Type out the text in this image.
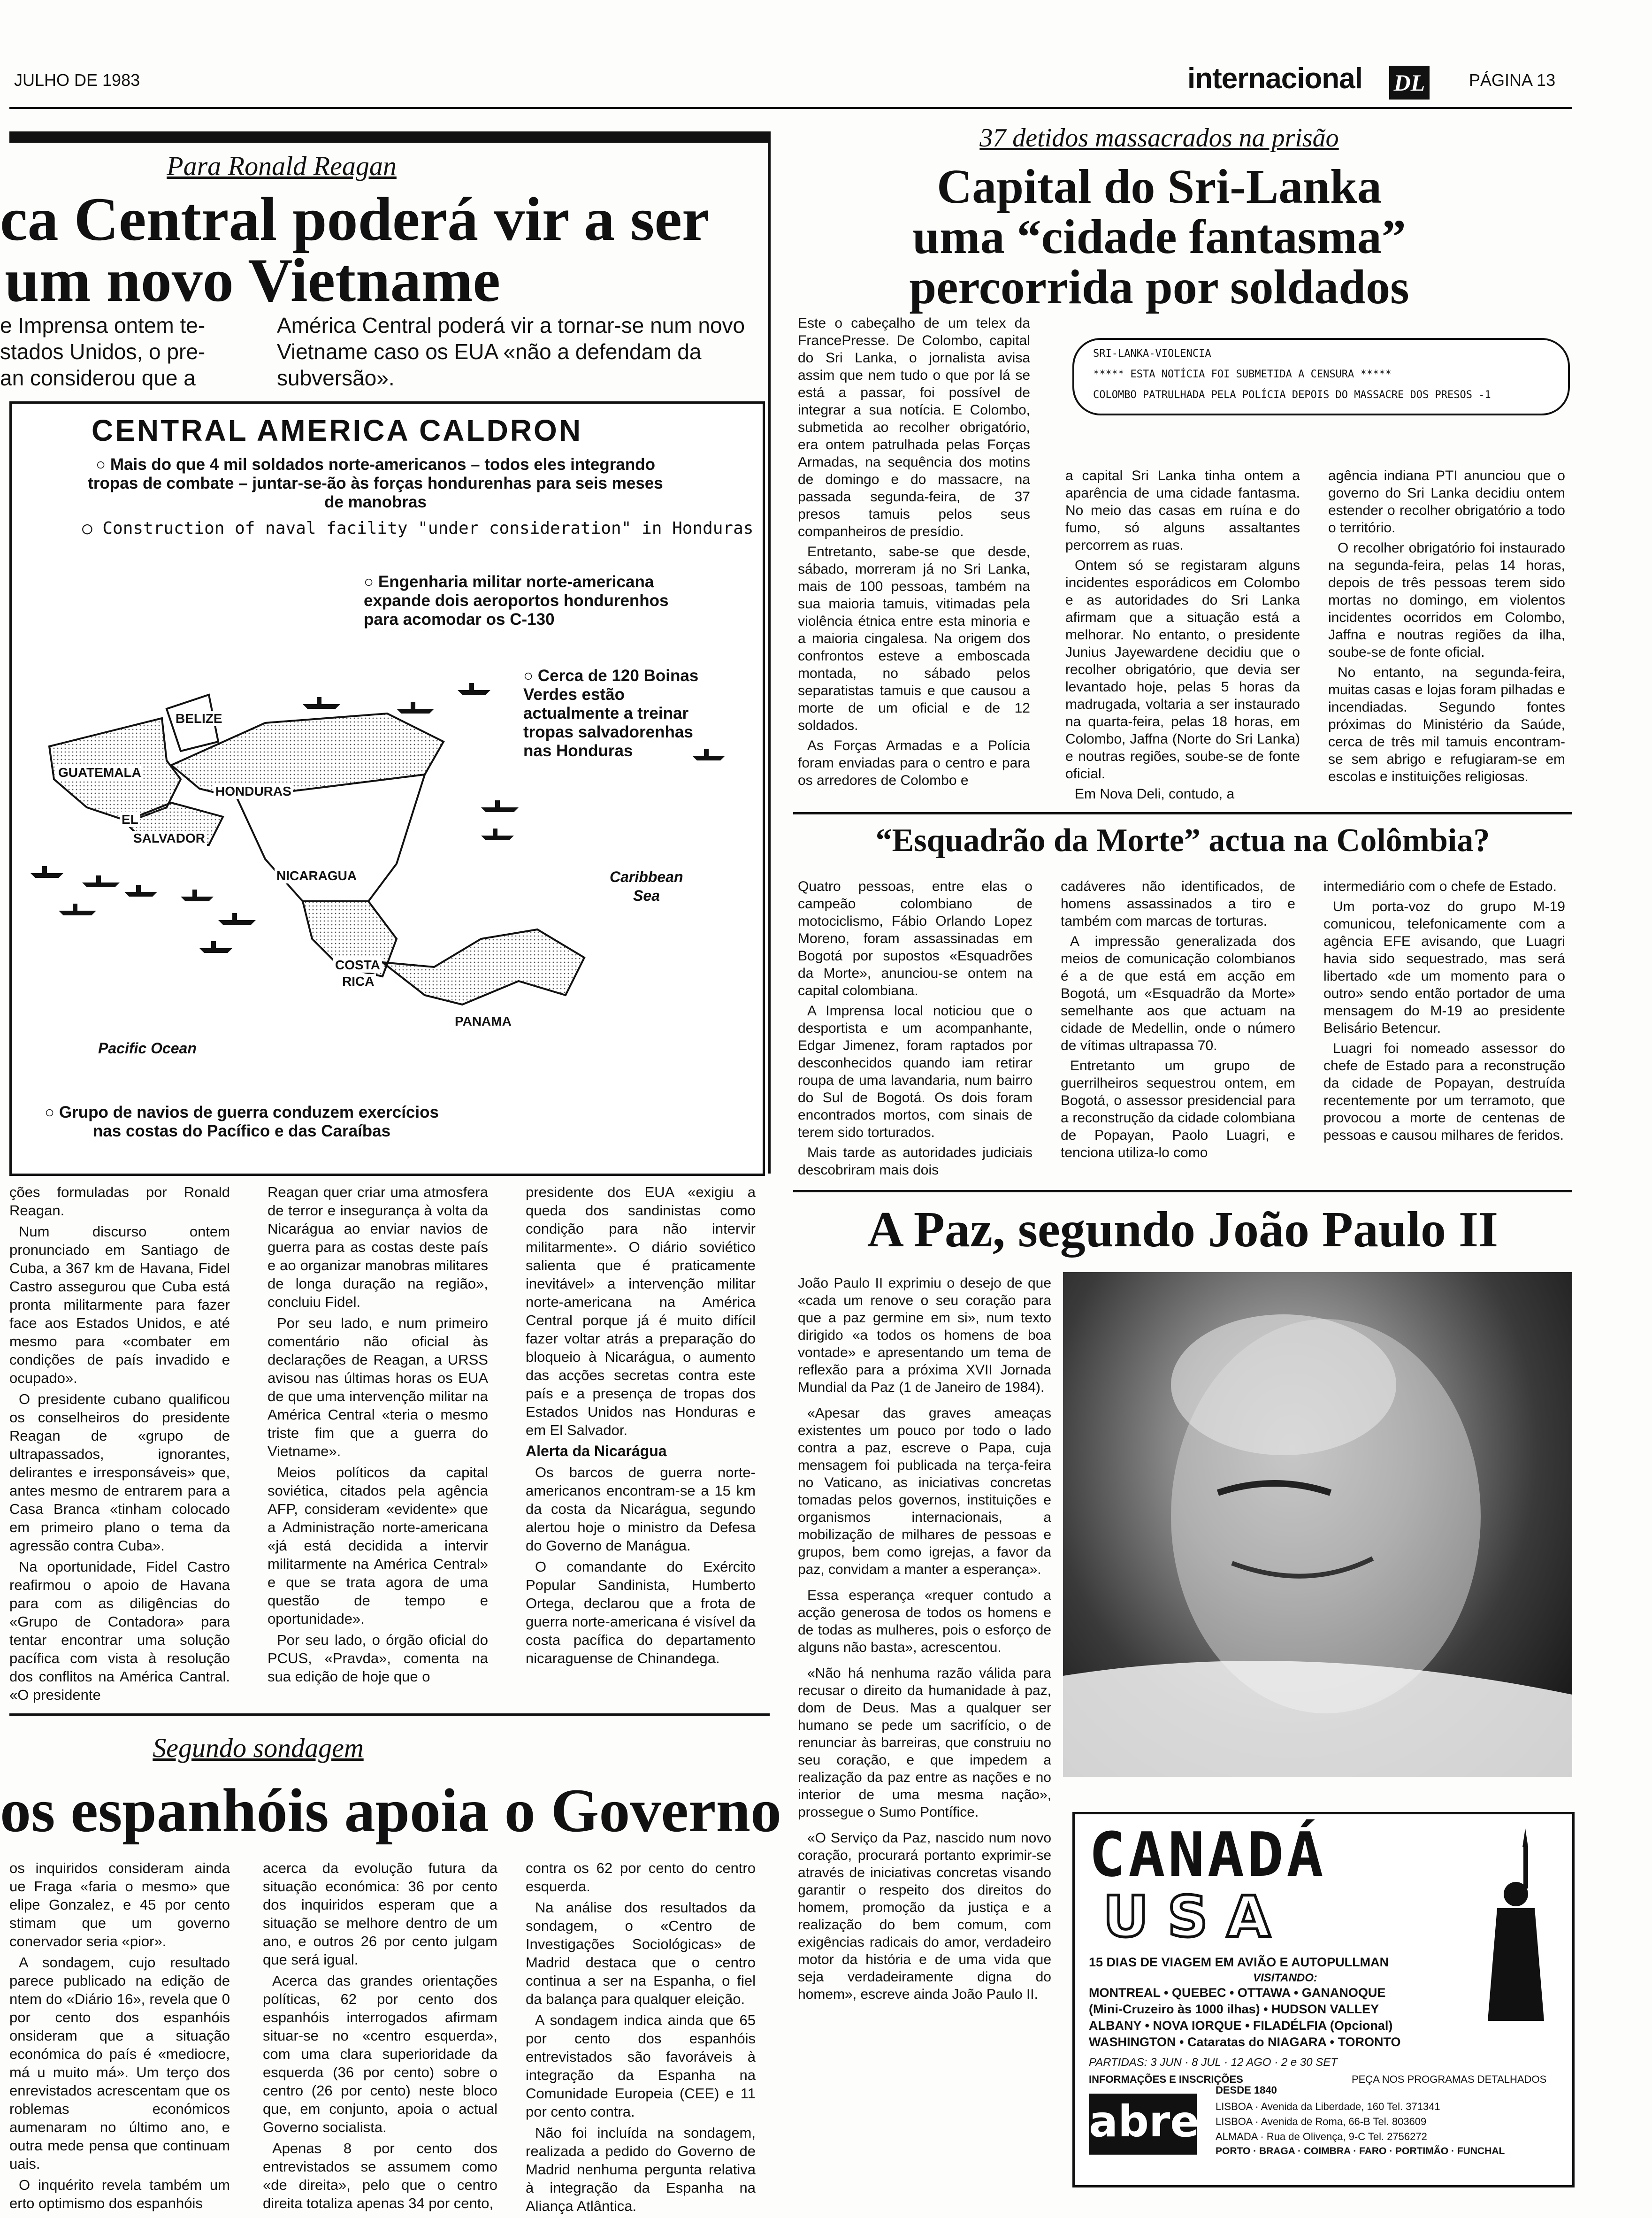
JULHO DE 1983	internacional DL	PÁGINA 13
Para Ronald Reagan
ca Central poderá vir a ser
um novo Vietname
e Imprensa ontem te-
stados Unidos, o pre-
an considerou que a
América Central poderá vir a tornar-se num novo Vietname caso os EUA «não a defendam da subversão».
CENTRAL AMERICA CALDRON
○ Mais do que 4 mil soldados norte-americanos – todos eles integrando tropas de combate – juntar-se-ão às forças hondurenhas para seis meses de manobras
○ Construction of naval facility "under consideration" in Honduras
○ Engenharia militar norte-americana expande dois aeroportos hondurenhos para acomodar os C-130
○ Cerca de 120 Boinas Verdes estão actualmente a treinar tropas salvadorenhas nas Honduras
BELIZE
GUATEMALA
HONDURAS
EL
SALVADOR
NICARAGUA
COSTA
RICA
PANAMA
Caribbean
Sea
Pacific Ocean
○ Grupo de navios de guerra conduzem exercícios nas costas do Pacífico e das Caraíbas

ções formuladas por Ronald Reagan.

Num discurso ontem pronunciado em Santiago de Cuba, a 367 km de Havana, Fidel Castro assegurou que Cuba está pronta militarmente para fazer face aos Estados Unidos, e até mesmo para «combater em condições de país invadido e ocupado».

O presidente cubano qualificou os conselheiros do presidente Reagan de «grupo de ultrapassados, ignorantes, delirantes e irresponsáveis» que, antes mesmo de entrarem para a Casa Branca «tinham colocado em primeiro plano o tema da agressão contra Cuba».

Na oportunidade, Fidel Castro reafirmou o apoio de Havana para com as diligências do «Grupo de Contadora» para tentar encontrar uma solução pacífica com vista à resolução dos conflitos na América Cantral. «O presidente

Reagan quer criar uma atmosfera de terror e insegurança à volta da Nicarágua ao enviar navios de guerra para as costas deste país e ao organizar manobras militares de longa duração na região», concluiu Fidel.

Por seu lado, e num primeiro comentário não oficial às declarações de Reagan, a URSS avisou nas últimas horas os EUA de que uma intervenção militar na América Central «teria o mesmo triste fim que a guerra do Vietname».

Meios políticos da capital soviética, citados pela agência AFP, consideram «evidente» que a Administração norte-americana «já está decidida a intervir militarmente na América Central» e que se trata agora de uma questão de tempo e oportunidade».

Por seu lado, o órgão oficial do PCUS, «Pravda», comenta na sua edição de hoje que o

presidente dos EUA «exigiu a queda dos sandinistas como condição para não intervir militarmente». O diário soviético salienta que é praticamente inevitável» a intervenção militar norte-americana na América Central porque já é muito difícil fazer voltar atrás a preparação do bloqueio à Nicarágua, o aumento das acções secretas contra este país e a presença de tropas dos Estados Unidos nas Honduras e em El Salvador.

Alerta da Nicarágua

Os barcos de guerra norte-americanos encontram-se a 15 km da costa da Nicarágua, segundo alertou hoje o ministro da Defesa do Governo de Manágua.

O comandante do Exército Popular Sandinista, Humberto Ortega, declarou que a frota de guerra norte-americana é visível da costa pacífica do departamento nicaraguense de Chinandega.

37 detidos massacrados na prisão
Capital do Sri-Lanka
uma “cidade fantasma”
percorrida por soldados

Este o cabeçalho de um telex da FrancePresse. De Colombo, capital do Sri Lanka, o jornalista avisa assim que nem tudo o que por lá se está a passar, foi possível de integrar a sua notícia. E Colombo, submetida ao recolher obrigatório, era ontem patrulhada pelas Forças Armadas, na sequência dos motins de domingo e do massacre, na passada segunda-feira, de 37 presos tamuis pelos seus companheiros de presídio.

Entretanto, sabe-se que desde, sábado, morreram já no Sri Lanka, mais de 100 pessoas, também na sua maioria tamuis, vitimadas pela violência étnica entre esta minoria e a maioria cingalesa. Na origem dos confrontos esteve a emboscada montada, no sábado pelos separatistas tamuis e que causou a morte de um oficial e de 12 soldados.

As Forças Armadas e a Polícia foram enviadas para o centro e para os arredores de Colombo e

SRI-LANKA-VIOLENCIA
***** ESTA NOTÍCIA FOI SUBMETIDA A CENSURA *****
COLOMBO PATRULHADA PELA POLÍCIA DEPOIS DO MASSACRE DOS PRESOS -1

a capital Sri Lanka tinha ontem a aparência de uma cidade fantasma. No meio das casas em ruína e do fumo, só alguns assaltantes percorrem as ruas.

Ontem só se registaram alguns incidentes esporádicos em Colombo e as autoridades do Sri Lanka afirmam que a situação está a melhorar. No entanto, o presidente Junius Jayewardene decidiu que o recolher obrigatório, que devia ser levantado hoje, pelas 5 horas da madrugada, voltaria a ser instaurado na quarta-feira, pelas 18 horas, em Colombo, Jaffna (Norte do Sri Lanka) e noutras regiões, soube-se de fonte oficial.

Em Nova Deli, contudo, a

agência indiana PTI anunciou que o governo do Sri Lanka decidiu ontem estender o recolher obrigatório a todo o território.

O recolher obrigatório foi instaurado na segunda-feira, pelas 14 horas, depois de três pessoas terem sido mortas no domingo, em violentos incidentes ocorridos em Colombo, Jaffna e noutras regiões da ilha, soube-se de fonte oficial.

No entanto, na segunda-feira, muitas casas e lojas foram pilhadas e incendiadas. Segundo fontes próximas do Ministério da Saúde, cerca de três mil tamuis encontram-se sem abrigo e refugiaram-se em escolas e instituições religiosas.

“Esquadrão da Morte” actua na Colômbia?

Quatro pessoas, entre elas o campeão colombiano de motociclismo, Fábio Orlando Lopez Moreno, foram assassinadas em Bogotá por supostos «Esquadrões da Morte», anunciou-se ontem na capital colombiana.

A Imprensa local noticiou que o desportista e um acompanhante, Edgar Jimenez, foram raptados por desconhecidos quando iam retirar roupa de uma lavandaria, num bairro do Sul de Bogotá. Os dois foram encontrados mortos, com sinais de terem sido torturados.

Mais tarde as autoridades judiciais descobriram mais dois

cadáveres não identificados, de homens assassinados a tiro e também com marcas de torturas.

A impressão generalizada dos meios de comunicação colombianos é a de que está em acção em Bogotá, um «Esquadrão da Morte» semelhante aos que actuam na cidade de Medellin, onde o número de vítimas ultrapassa 70.

Entretanto um grupo de guerrilheiros sequestrou ontem, em Bogotá, o assessor presidencial para a reconstrução da cidade colombiana de Popayan, Paolo Luagri, e tenciona utiliza-lo como

intermediário com o chefe de Estado.

Um porta-voz do grupo M-19 comunicou, telefonicamente com a agência EFE avisando, que Luagri havia sido sequestrado, mas será libertado «de um momento para o outro» sendo então portador de uma mensagem do M-19 ao presidente Belisário Betencur.

Luagri foi nomeado assessor do chefe de Estado para a reconstrução da cidade de Popayan, destruída recentemente por um terramoto, que provocou a morte de centenas de pessoas e causou milhares de feridos.

A Paz, segundo João Paulo II

João Paulo II exprimiu o desejo de que «cada um renove o seu coração para que a paz germine em si», num texto dirigido «a todos os homens de boa vontade» e apresentando um tema de reflexão para a próxima XVII Jornada Mundial da Paz (1 de Janeiro de 1984).

«Apesar das graves ameaças existentes um pouco por todo o lado contra a paz, escreve o Papa, cuja mensagem foi publicada na terça-feira no Vaticano, as iniciativas concretas tomadas pelos governos, instituições e organismos internacionais, a mobilização de milhares de pessoas e grupos, bem como igrejas, a favor da paz, convidam a manter a esperança».

Essa esperança «requer contudo a acção generosa de todos os homens e de todas as mulheres, pois o esforço de alguns não basta», acrescentou.

«Não há nenhuma razão válida para recusar o direito da humanidade à paz, dom de Deus. Mas a qualquer ser humano se pede um sacrifício, o de renunciar às barreiras, que construiu no seu coração, e que impedem a realização da paz entre as nações e no interior de uma mesma nação», prossegue o Sumo Pontífice.

«O Serviço da Paz, nascido num novo coração, procurará portanto exprimir-se através de iniciativas concretas visando garantir o respeito dos direitos do homem, promoção da justiça e a realização do bem comum, com exigências radicais do amor, verdadeiro motor da história e de uma vida que seja verdadeiramente digna do homem», escreve ainda João Paulo II.

CANADÁ
USA
15 DIAS DE VIAGEM EM AVIÃO E AUTOPULLMAN
VISITANDO:
MONTREAL • QUEBEC • OTTAWA • GANANOQUE
(Mini-Cruzeiro às 1000 ilhas) • HUDSON VALLEY
ALBANY • NOVA IORQUE • FILADÉLFIA (Opcional)
WASHINGTON • Cataratas do NIAGARA • TORONTO
PARTIDAS: 3 JUN · 8 JUL · 12 AGO · 2 e 30 SET
INFORMAÇÕES E INSCRIÇÕES	PEÇA NOS PROGRAMAS DETALHADOS
abreu
DESDE 1840
LISBOA · Avenida da Liberdade, 160 Tel. 371341
LISBOA · Avenida de Roma, 66-B Tel. 803609
ALMADA · Rua de Olivença, 9-C Tel. 2756272
PORTO · BRAGA · COIMBRA · FARO · PORTIMÃO · FUNCHAL
Segundo sondagem
os espanhóis apoia o Governo

os inquiridos consideram ainda ue Fraga «faria o mesmo» que elipe Gonzalez, e 45 por cento stimam que um governo conervador seria «pior».

A sondagem, cujo resultado parece publicado na edição de ntem do «Diário 16», revela que 0 por cento dos espanhóis onsideram que a situação económica do país é «mediocre, má u muito má». Um terço dos enrevistados acrescentam que os roblemas económicos aumenaram no último ano, e outra mede pensa que continuam uais.

O inquérito revela também um erto optimismo dos espanhóis

acerca da evolução futura da situação económica: 36 por cento dos inquiridos esperam que a situação se melhore dentro de um ano, e outros 26 por cento julgam que será igual.

Acerca das grandes orientações políticas, 62 por cento dos espanhóis interrogados afirmam situar-se no «centro esquerda», com uma clara superioridade da esquerda (36 por cento) sobre o centro (26 por cento) neste bloco que, em conjunto, apoia o actual Governo socialista.

Apenas 8 por cento dos entrevistados se assumem como «de direita», pelo que o centro direita totaliza apenas 34 por cento,

contra os 62 por cento do centro esquerda.

Na análise dos resultados da sondagem, o «Centro de Investigações Sociológicas» de Madrid destaca que o centro continua a ser na Espanha, o fiel da balança para qualquer eleição.

A sondagem indica ainda que 65 por cento dos espanhóis entrevistados são favoráveis à integração da Espanha na Comunidade Europeia (CEE) e 11 por cento contra.

Não foi incluída na sondagem, realizada a pedido do Governo de Madrid nenhuma pergunta relativa à integração da Espanha na Aliança Atlântica.
